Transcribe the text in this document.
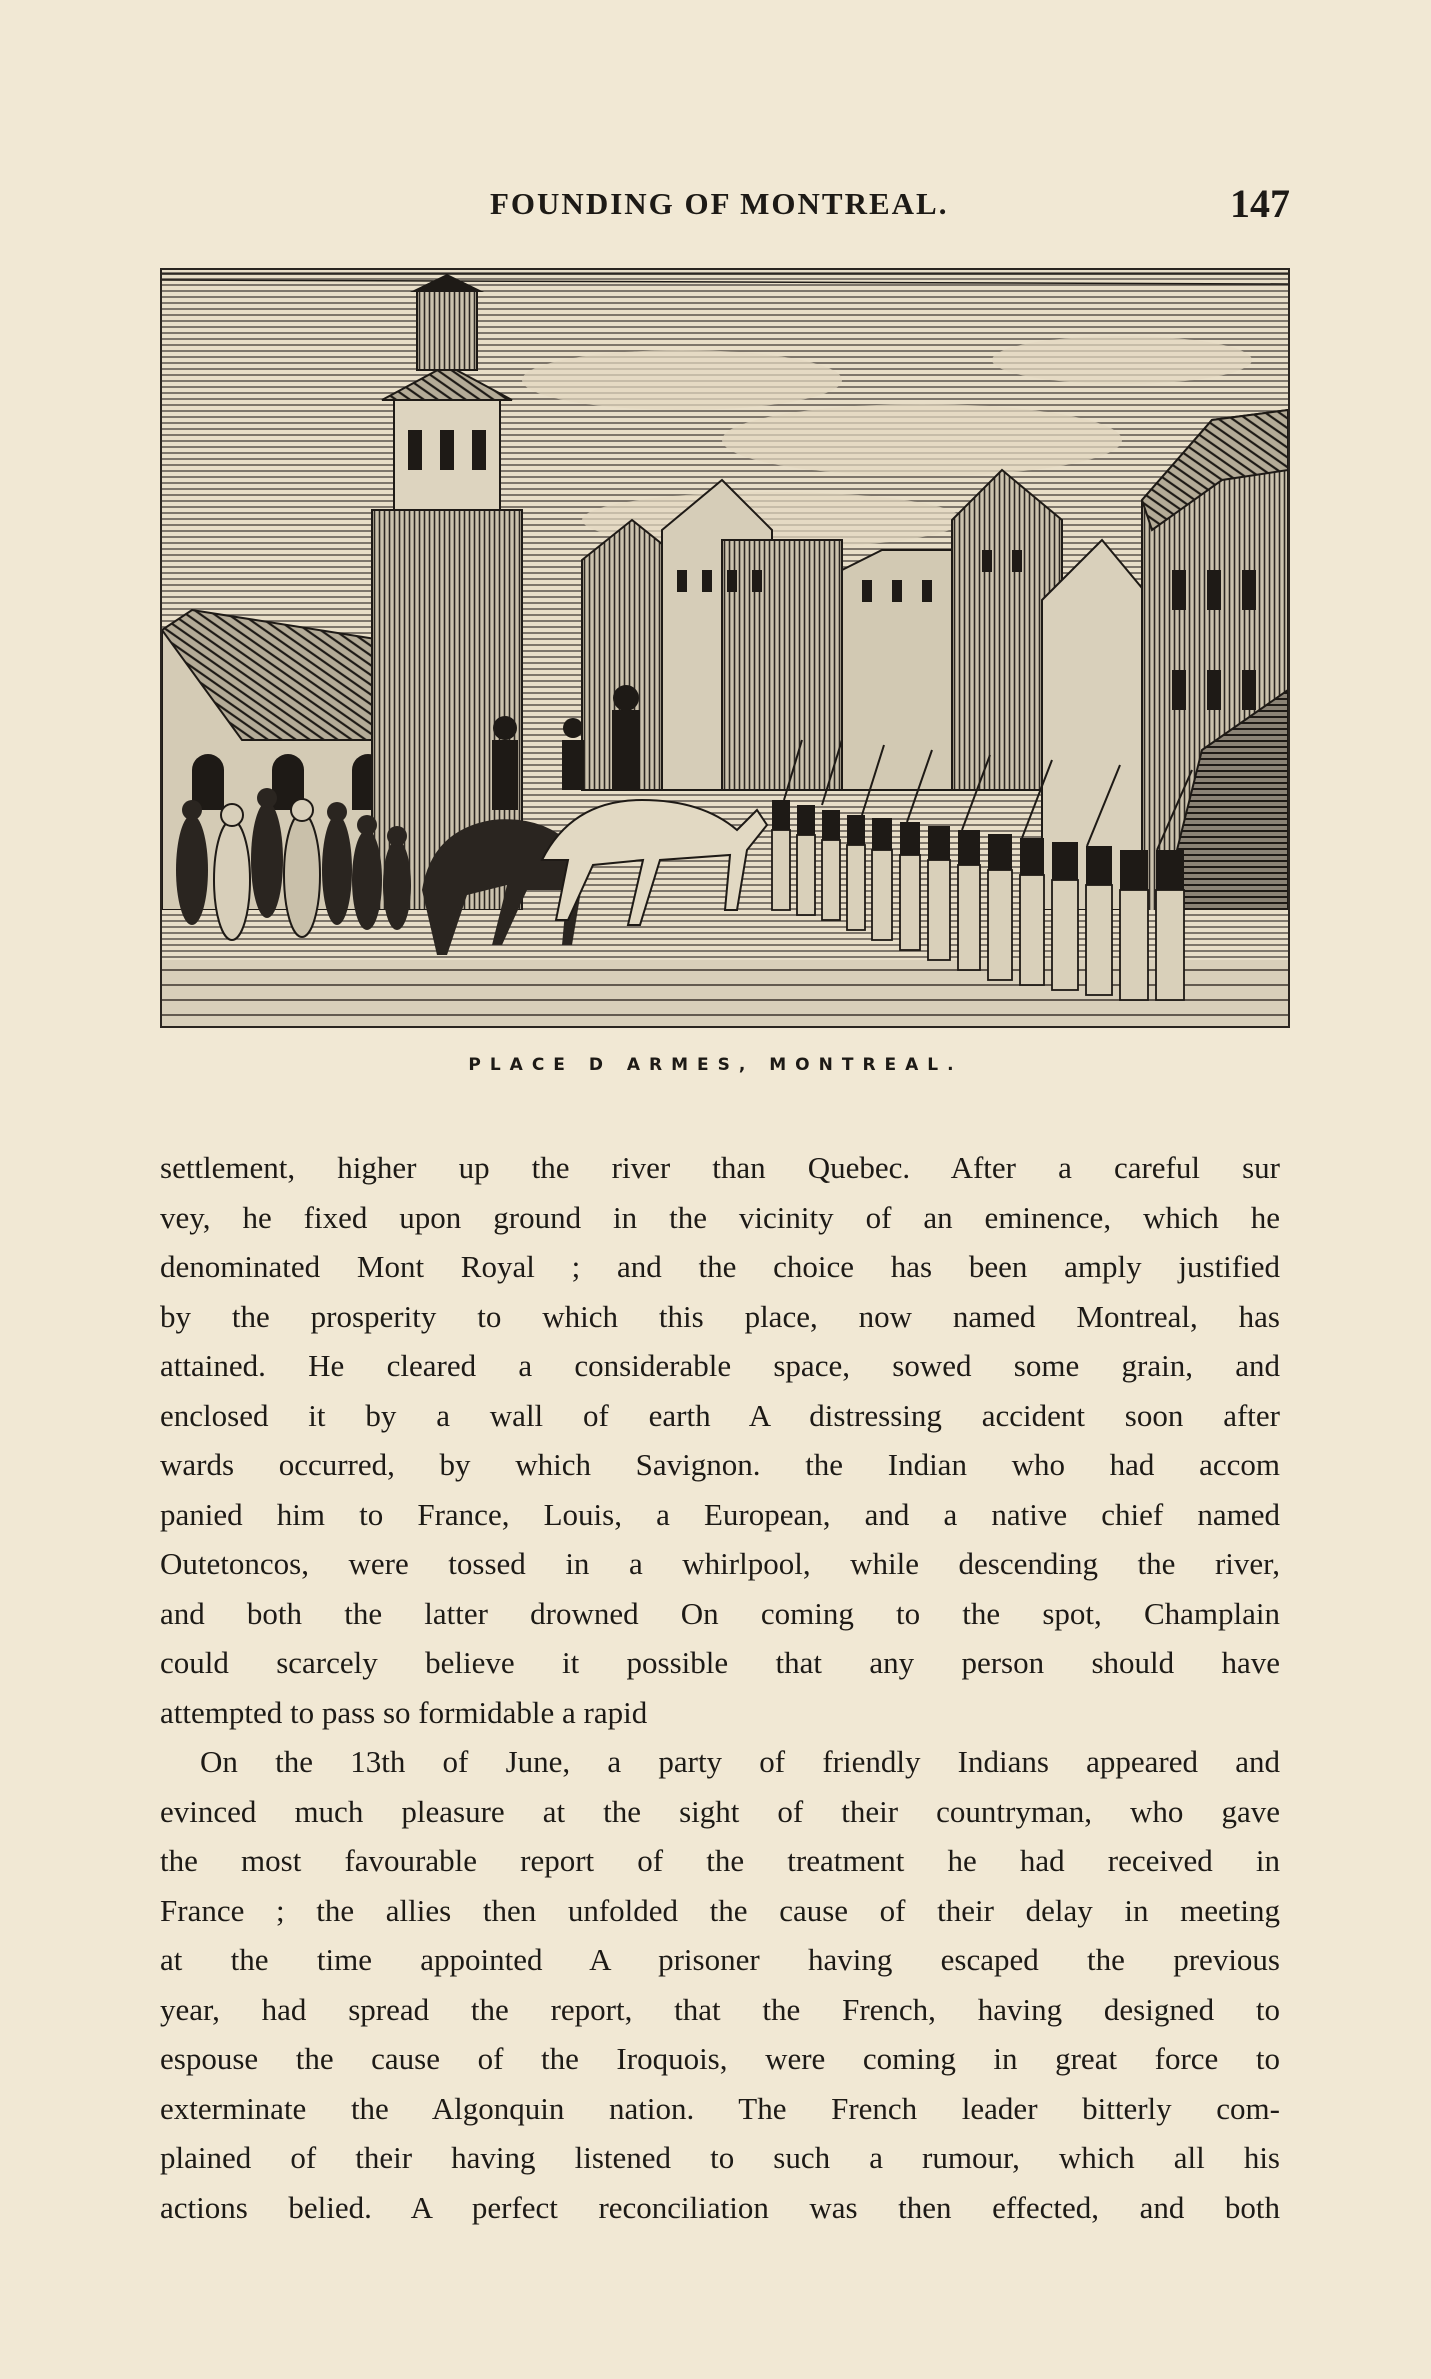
FOUNDING OF MONTREAL.	147
PLACE D ARMES, MONTREAL.

settlement, higher up the river than Quebec. After a careful sur

vey, he fixed upon ground in the vicinity of an eminence, which he

denominated Mont Royal ; and the choice has been amply justified

by the prosperity to which this place, now named Montreal, has

attained. He cleared a considerable space, sowed some grain, and

enclosed it by a wall of earth A distressing accident soon after

wards occurred, by which Savignon. the Indian who had accom

panied him to France, Louis, a European, and a native chief named

Outetoncos, were tossed in a whirlpool, while descending the river,

and both the latter drowned On coming to the spot, Champlain

could scarcely believe it possible that any person should have

attempted to pass so formidable a rapid

On the 13th of June, a party of friendly Indians appeared and

evinced much pleasure at the sight of their countryman, who gave

the most favourable report of the treatment he had received in

France ; the allies then unfolded the cause of their delay in meeting

at the time appointed A prisoner having escaped the previous

year, had spread the report, that the French, having designed to

espouse the cause of the Iroquois, were coming in great force to

exterminate the Algonquin nation. The French leader bitterly com-

plained of their having listened to such a rumour, which all his

actions belied. A perfect reconciliation was then effected, and both
